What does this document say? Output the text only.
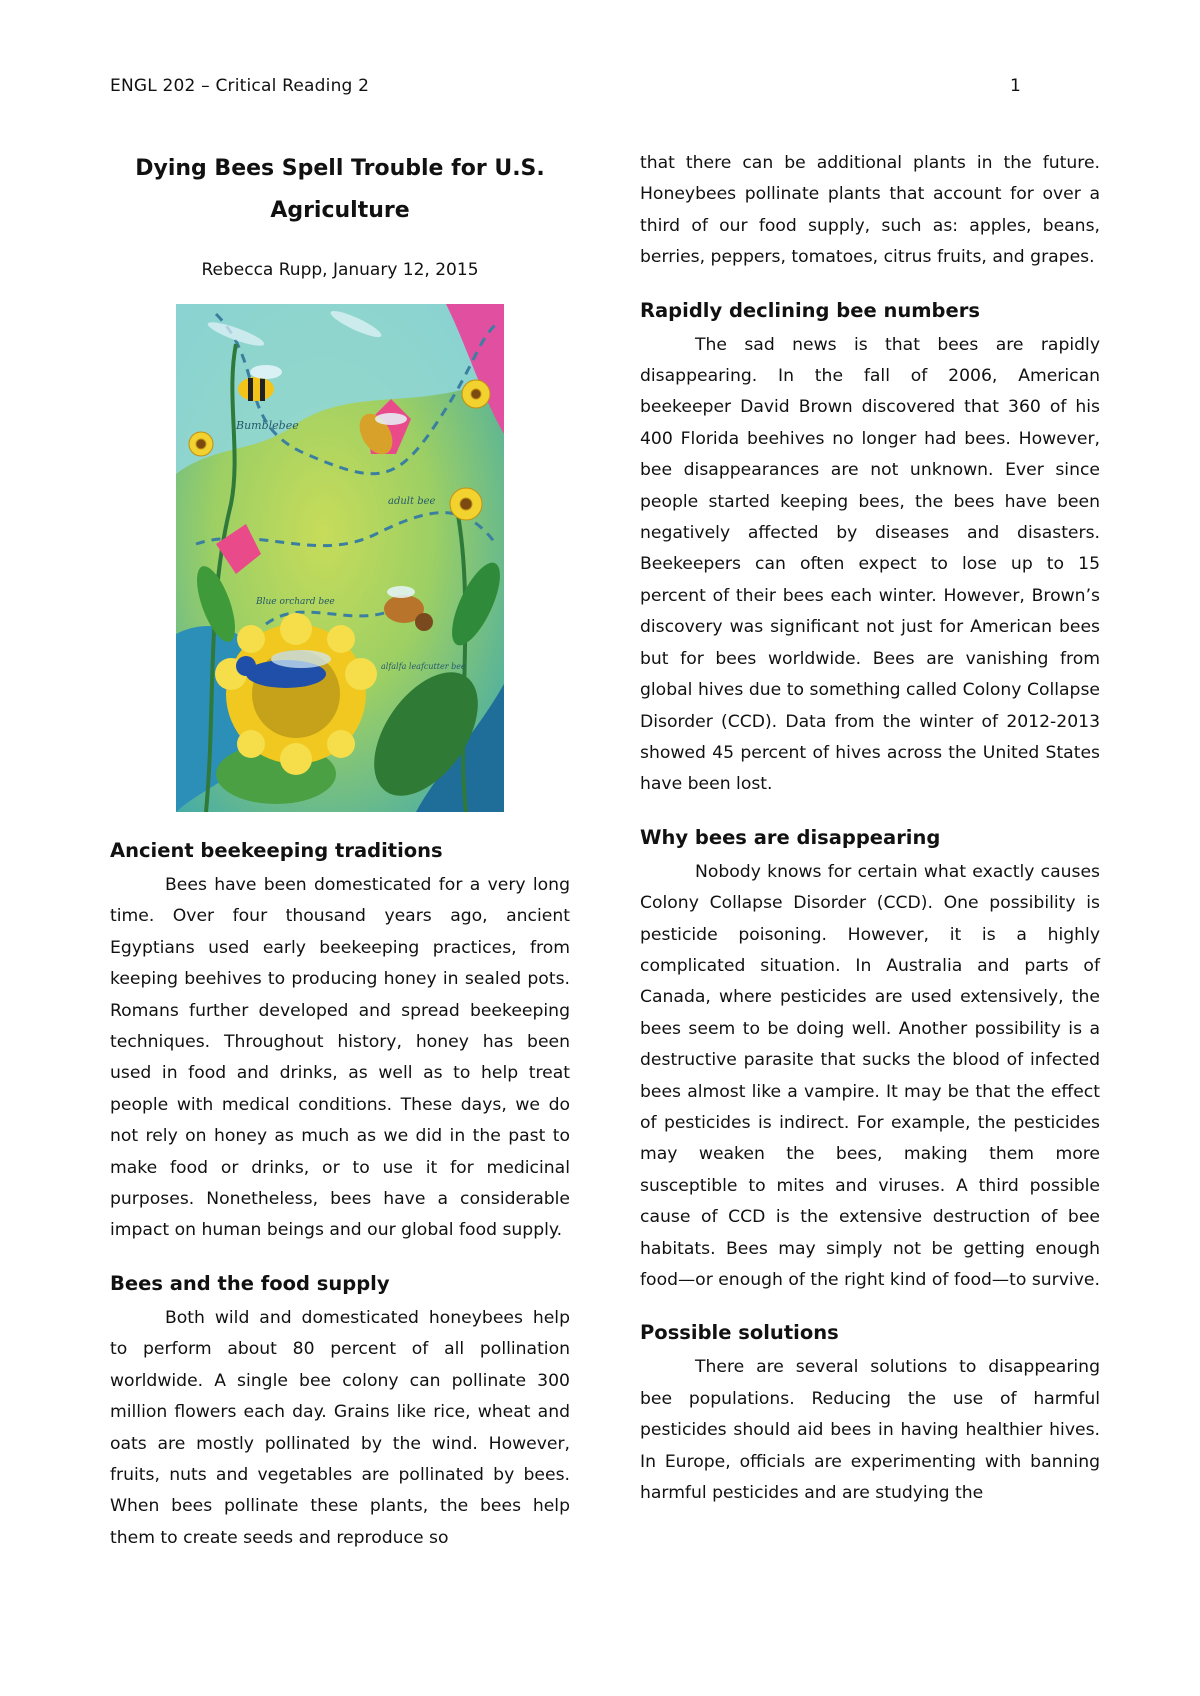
ENGL 202 – Critical Reading 2	1
Dying Bees Spell Trouble for U.S.
Agriculture
Rebecca Rupp, January 12, 2015
Bumblebee
adult bee
Blue orchard bee
alfalfa leafcutter bee
Ancient beekeeping traditions

Bees have been domesticated for a very long time. Over four thousand years ago, ancient Egyptians used early beekeeping practices, from keeping beehives to producing honey in sealed pots. Romans further developed and spread beekeeping techniques. Throughout history, honey has been used in food and drinks, as well as to help treat people with medical conditions. These days, we do not rely on honey as much as we did in the past to make food or drinks, or to use it for medicinal purposes. Nonetheless, bees have a considerable impact on human beings and our global food supply.

Bees and the food supply

Both wild and domesticated honeybees help to perform about 80 percent of all pollination worldwide. A single bee colony can pollinate 300 million flowers each day. Grains like rice, wheat and oats are mostly pollinated by the wind. However, fruits, nuts and vegetables are pollinated by bees. When bees pollinate these plants, the bees help them to create seeds and reproduce so

that there can be additional plants in the future. Honeybees pollinate plants that account for over a third of our food supply, such as: apples, beans, berries, peppers, tomatoes, citrus fruits, and grapes.

Rapidly declining bee numbers

The sad news is that bees are rapidly disappearing. In the fall of 2006, American beekeeper David Brown discovered that 360 of his 400 Florida beehives no longer had bees. However, bee disappearances are not unknown. Ever since people started keeping bees, the bees have been negatively affected by diseases and disasters. Beekeepers can often expect to lose up to 15 percent of their bees each winter. However, Brown’s discovery was significant not just for American bees but for bees worldwide. Bees are vanishing from global hives due to something called Colony Collapse Disorder (CCD). Data from the winter of 2012-2013 showed 45 percent of hives across the United States have been lost.

Why bees are disappearing

Nobody knows for certain what exactly causes Colony Collapse Disorder (CCD). One possibility is pesticide poisoning. However, it is a highly complicated situation. In Australia and parts of Canada, where pesticides are used extensively, the bees seem to be doing well. Another possibility is a destructive parasite that sucks the blood of infected bees almost like a vampire. It may be that the effect of pesticides is indirect. For example, the pesticides may weaken the bees, making them more susceptible to mites and viruses. A third possible cause of CCD is the extensive destruction of bee habitats. Bees may simply not be getting enough food—or enough of the right kind of food—to survive.

Possible solutions

There are several solutions to disappearing bee populations. Reducing the use of harmful pesticides should aid bees in having healthier hives. In Europe, officials are experimenting with banning harmful pesticides and are studying the
